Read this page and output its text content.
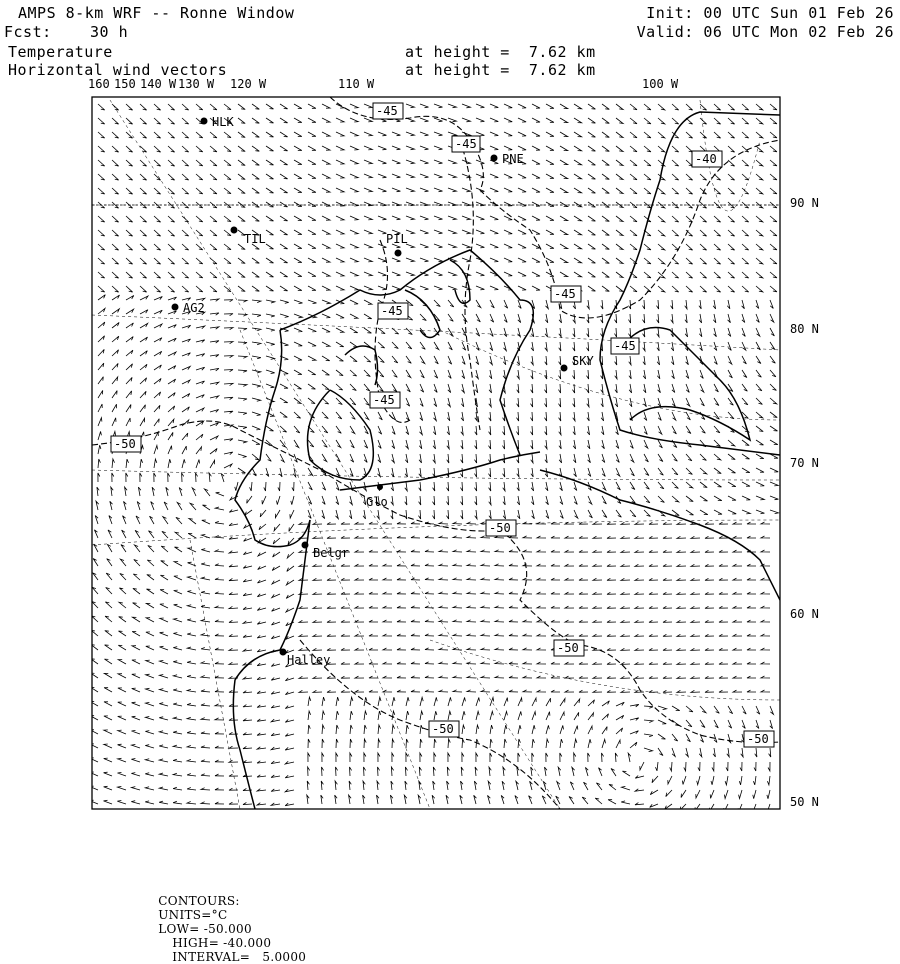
AMPS 8-km WRF -- Ronne Window
Fcst:	30 h
Temperature
Horizontal wind vectors
at height =  7.62 km
at height =  7.62 km
Init: 00 UTC Sun 01 Feb 26
Valid: 06 UTC Mon 02 Feb 26
160 150 140 W 130 W 120 W	110 W	100 W
90 N
80 N
70 N
60 N
50 N
HLK
PNE
TIL	PIL
AG2
SKY
Belgr
Halley
Glo
-45
-45
-40
-45
-45
-45
-45
-50
-50
-50
-50
-50

CONTOURS:
UNITS=°C
LOW= -50.000
HIGH= -40.000
INTERVAL=   5.0000
